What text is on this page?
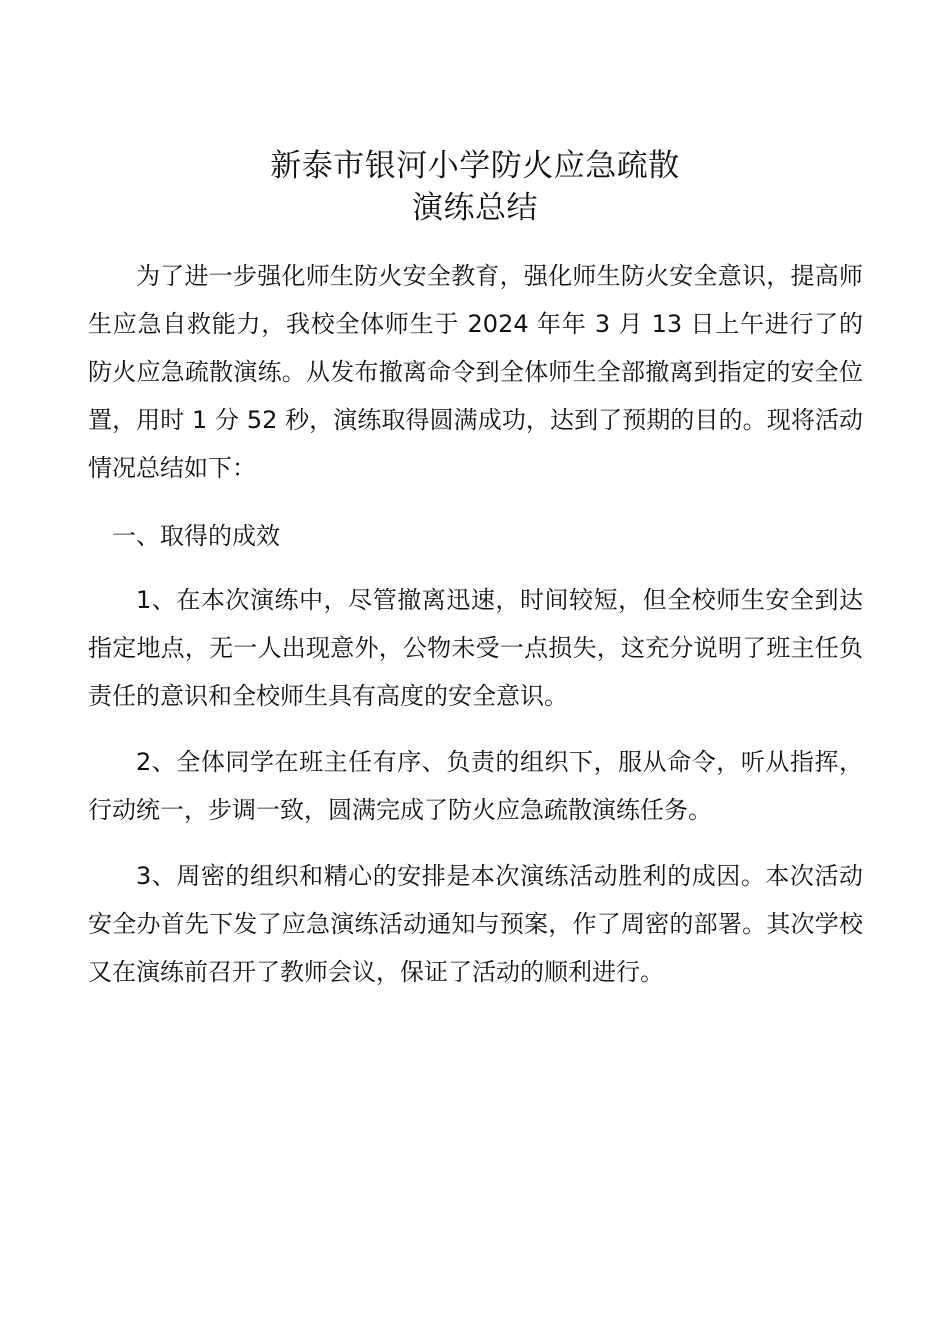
新泰市银河小学防火应急疏散
演练总结

为了进一步强化师生防火安全教育，强化师生防火安全意识，提高师生应急自救能力，我校全体师生于 2024 年年 3 月 13 日上午进行了的防火应急疏散演练。从发布撤离命令到全体师生全部撤离到指定的安全位置，用时 1 分 52 秒，演练取得圆满成功，达到了预期的目的。现将活动情况总结如下：

一、取得的成效

1、在本次演练中，尽管撤离迅速，时间较短，但全校师生安全到达指定地点，无一人出现意外，公物未受一点损失，这充分说明了班主任负责任的意识和全校师生具有高度的安全意识。

2、全体同学在班主任有序、负责的组织下，服从命令，听从指挥，行动统一，步调一致，圆满完成了防火应急疏散演练任务。

3、周密的组织和精心的安排是本次演练活动胜利的成因。本次活动安全办首先下发了应急演练活动通知与预案，作了周密的部署。其次学校又在演练前召开了教师会议，保证了活动的顺利进行。
